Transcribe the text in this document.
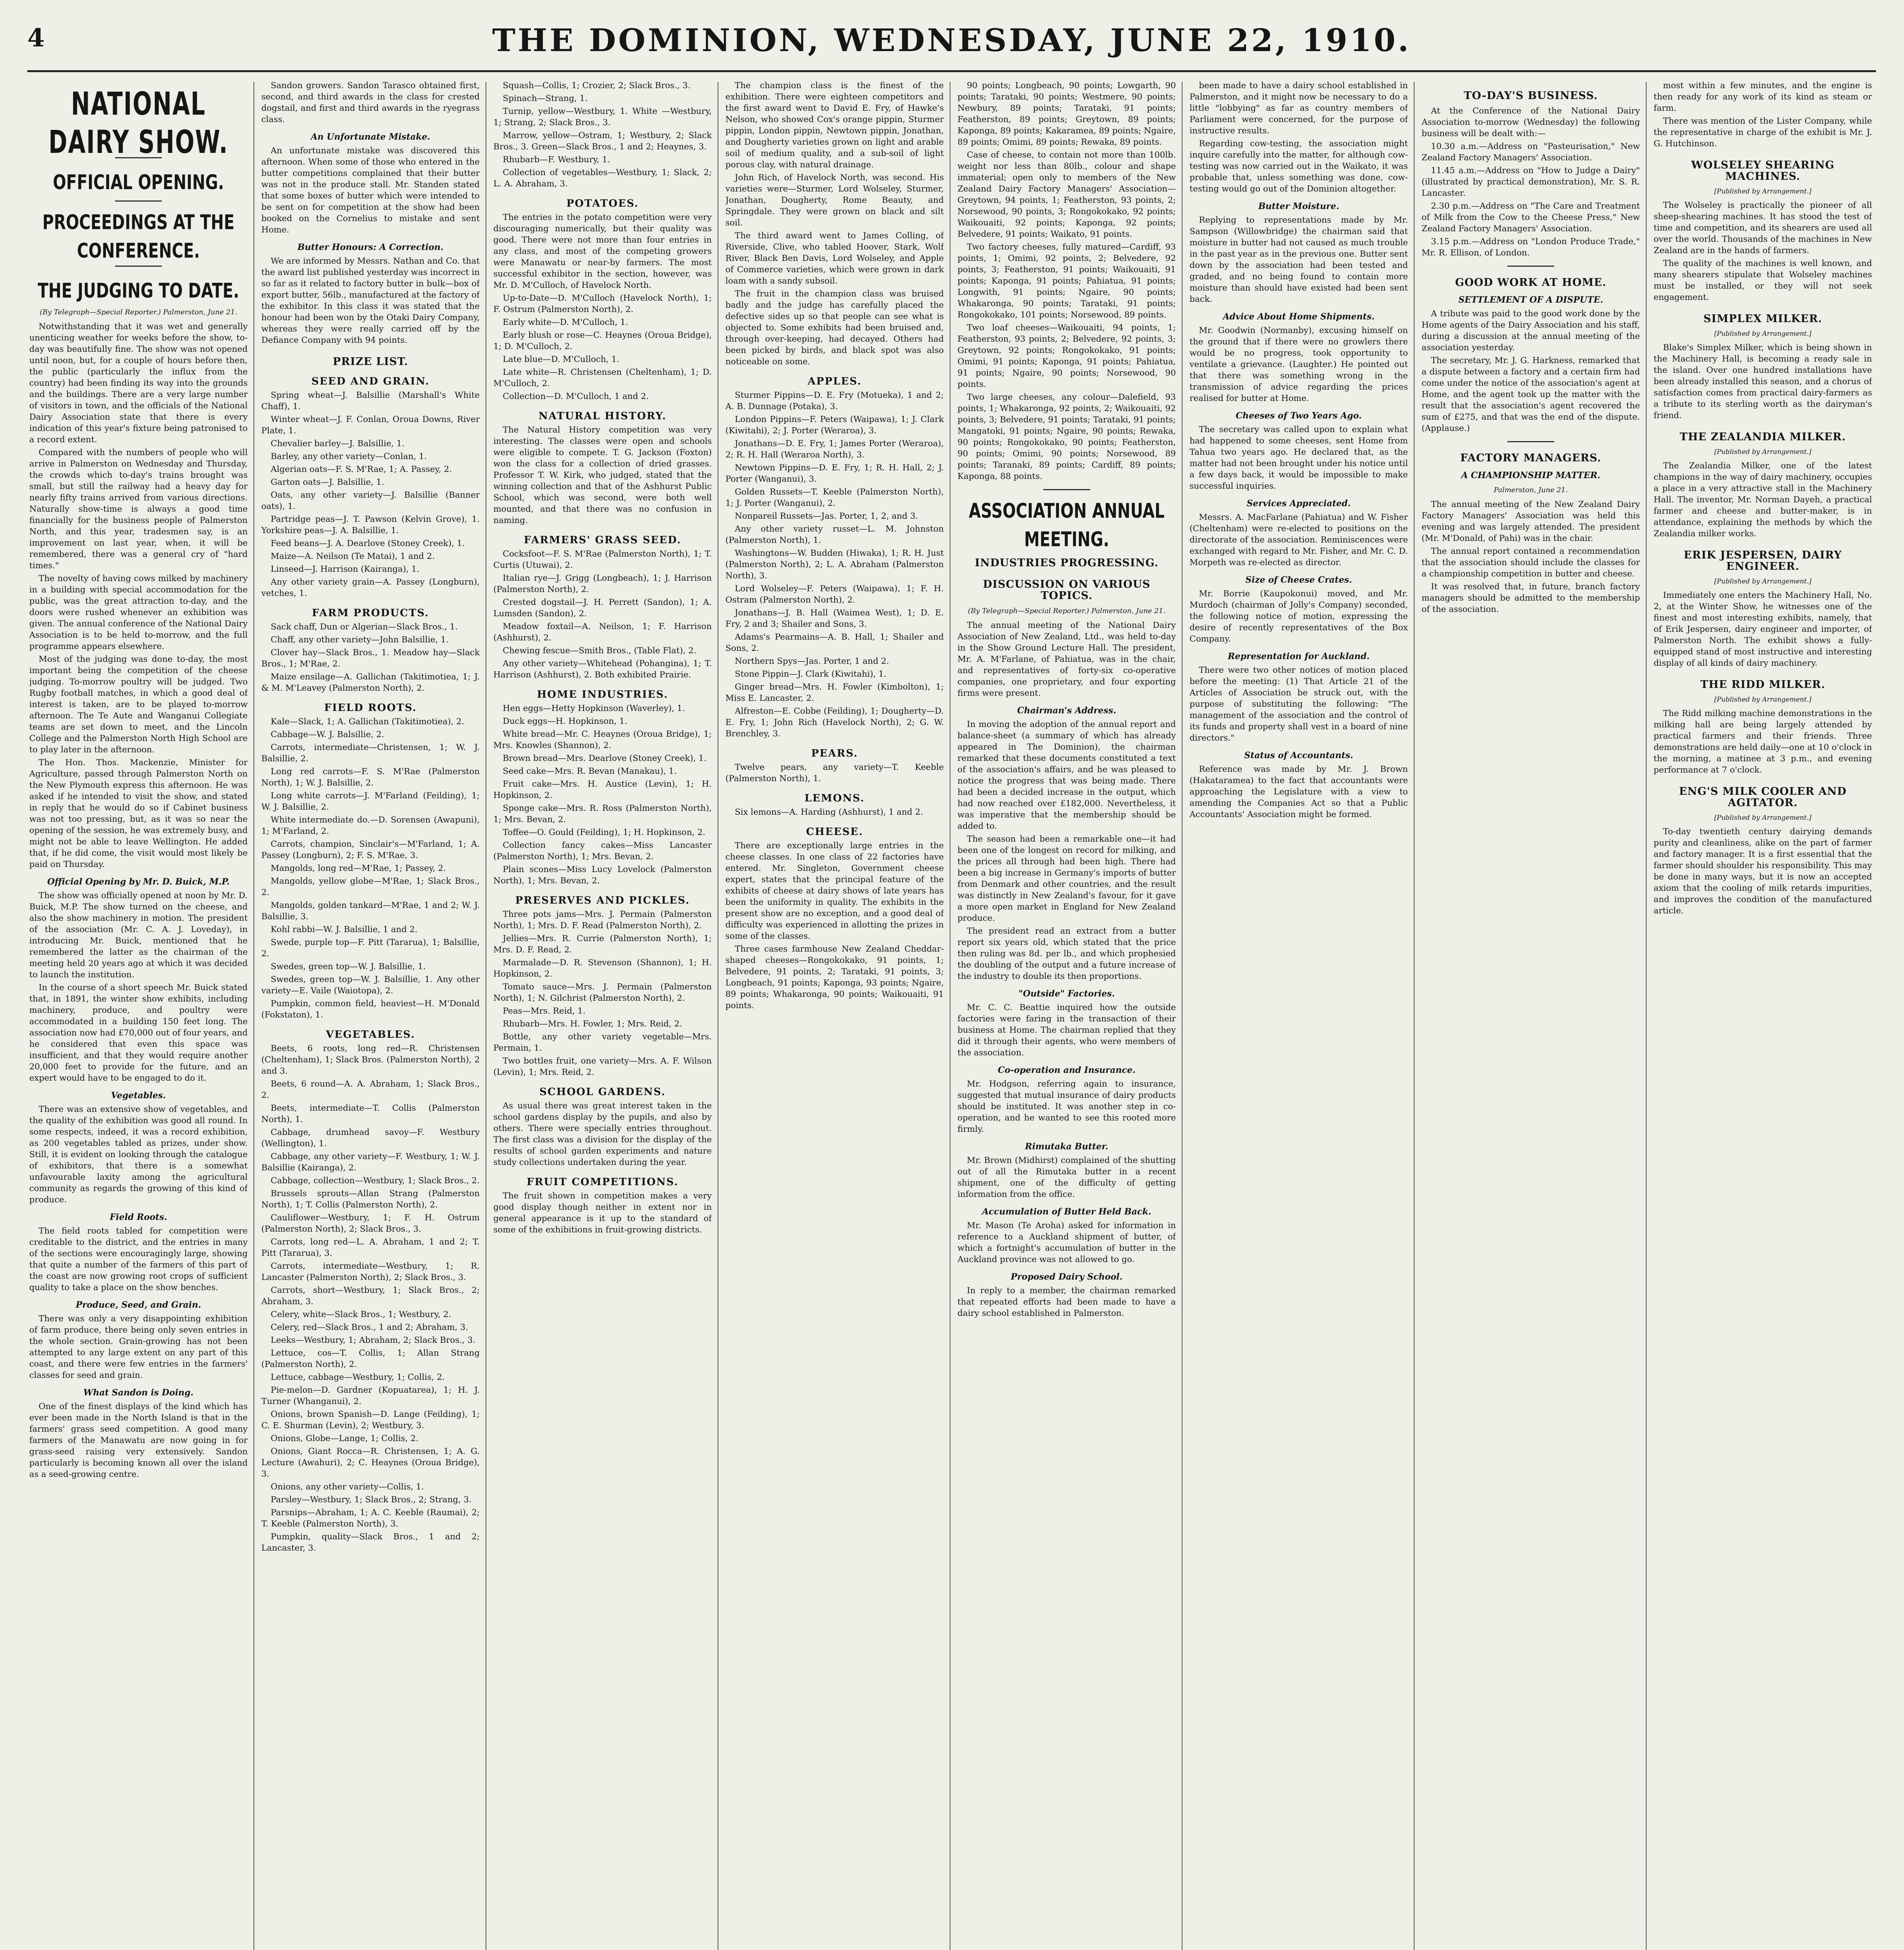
4	THE DOMINION, WEDNESDAY, JUNE 22, 1910.
NATIONAL DAIRY SHOW.
OFFICIAL OPENING.
PROCEEDINGS AT THE CONFERENCE.
THE JUDGING TO DATE.
(By Telegraph—Special Reporter.) Palmerston, June 21.

Notwithstanding that it was wet and generally unenticing weather for weeks before the show, to-day was beautifully fine. The show was not opened until noon, but, for a couple of hours before then, the public (particularly the influx from the country) had been finding its way into the grounds and the buildings. There are a very large number of visitors in town, and the officials of the National Dairy Association state that there is every indication of this year's fixture being patronised to a record extent.

Compared with the numbers of people who will arrive in Palmerston on Wednesday and Thursday, the crowds which to-day's trains brought was small, but still the railway had a heavy day for nearly fifty trains arrived from various directions. Naturally show-time is always a good time financially for the business people of Palmerston North, and this year, tradesmen say, is an improvement on last year, when, it will be remembered, there was a general cry of "hard times."

The novelty of having cows milked by machinery in a building with special accommodation for the public, was the great attraction to-day, and the doors were rushed whenever an exhibition was given. The annual conference of the National Dairy Association is to be held to-morrow, and the full programme appears elsewhere.

Most of the judging was done to-day, the most important being the competition of the cheese judging. To-morrow poultry will be judged. Two Rugby football matches, in which a good deal of interest is taken, are to be played to-morrow afternoon. The Te Aute and Wanganui Collegiate teams are set down to meet, and the Lincoln College and the Palmerston North High School are to play later in the afternoon.

The Hon. Thos. Mackenzie, Minister for Agriculture, passed through Palmerston North on the New Plymouth express this afternoon. He was asked if he intended to visit the show, and stated in reply that he would do so if Cabinet business was not too pressing, but, as it was so near the opening of the session, he was extremely busy, and might not be able to leave Wellington. He added that, if he did come, the visit would most likely be paid on Thursday.

Official Opening by Mr. D. Buick, M.P.

The show was officially opened at noon by Mr. D. Buick, M.P. The show turned on the cheese, and also the show machinery in motion. The president of the association (Mr. C. A. J. Loveday), in introducing Mr. Buick, mentioned that he remembered the latter as the chairman of the meeting held 20 years ago at which it was decided to launch the institution.

In the course of a short speech Mr. Buick stated that, in 1891, the winter show exhibits, including machinery, produce, and poultry were accommodated in a building 150 feet long. The association now had £70,000 out of four years, and he considered that even this space was insufficient, and that they would require another 20,000 feet to provide for the future, and an expert would have to be engaged to do it.

Vegetables.

There was an extensive show of vegetables, and the quality of the exhibition was good all round. In some respects, indeed, it was a record exhibition, as 200 vegetables tabled as prizes, under show. Still, it is evident on looking through the catalogue of exhibitors, that there is a somewhat unfavourable laxity among the agricultural community as regards the growing of this kind of produce.

Field Roots.

The field roots tabled for competition were creditable to the district, and the entries in many of the sections were encouragingly large, showing that quite a number of the farmers of this part of the coast are now growing root crops of sufficient quality to take a place on the show benches.

Produce, Seed, and Grain.

There was only a very disappointing exhibition of farm produce, there being only seven entries in the whole section. Grain-growing has not been attempted to any large extent on any part of this coast, and there were few entries in the farmers' classes for seed and grain.

What Sandon is Doing.

One of the finest displays of the kind which has ever been made in the North Island is that in the farmers' grass seed competition. A good many farmers of the Manawatu are now going in for grass-seed raising very extensively. Sandon particularly is becoming known all over the island as a seed-growing centre.

Sandon growers. Sandon Tarasco obtained first, second, and third awards in the class for crested dogstail, and first and third awards in the ryegrass class.

An Unfortunate Mistake.

An unfortunate mistake was discovered this afternoon. When some of those who entered in the butter competitions complained that their butter was not in the produce stall. Mr. Standen stated that some boxes of butter which were intended to be sent on for competition at the show had been booked on the Cornelius to mistake and sent Home.

Butter Honours: A Correction.

We are informed by Messrs. Nathan and Co. that the award list published yesterday was incorrect in so far as it related to factory butter in bulk—box of export butter, 56lb., manufactured at the factory of the exhibitor. In this class it was stated that the honour had been won by the Otaki Dairy Company, whereas they were really carried off by the Defiance Company with 94 points.

PRIZE LIST.
SEED AND GRAIN.

Spring wheat—J. Balsillie (Marshall's White Chaff), 1.

Winter wheat—J. F. Conlan, Oroua Downs, River Plate, 1.

Chevalier barley—J. Balsillie, 1.

Barley, any other variety—Conlan, 1.

Algerian oats—F. S. M'Rae, 1; A. Passey, 2.

Garton oats—J. Balsillie, 1.

Oats, any other variety—J. Balsillie (Banner oats), 1.

Partridge peas—J. T. Pawson (Kelvin Grove), 1. Yorkshire peas—J. A. Balsillie, 1.

Feed beans—J. A. Dearlove (Stoney Creek), 1.

Maize—A. Neilson (Te Matai), 1 and 2.

Linseed—J. Harrison (Kairanga), 1.

Any other variety grain—A. Passey (Longburn), vetches, 1.

FARM PRODUCTS.

Sack chaff, Dun or Algerian—Slack Bros., 1.

Chaff, any other variety—John Balsillie, 1.

Clover hay—Slack Bros., 1. Meadow hay—Slack Bros., 1; M'Rae, 2.

Maize ensilage—A. Gallichan (Takitimotiea, 1; J. & M. M'Leavey (Palmerston North), 2.

FIELD ROOTS.

Kale—Slack, 1; A. Gallichan (Takitimotiea), 2.

Cabbage—W. J. Balsillie, 2.

Carrots, intermediate—Christensen, 1; W. J. Balsillie, 2.

Long red carrots—F. S. M'Rae (Palmerston North), 1; W. J. Balsillie, 2.

Long white carrots—J. M'Farland (Feilding), 1; W. J. Balsillie, 2.

White intermediate do.—D. Sorensen (Awapuni), 1; M'Farland, 2.

Carrots, champion, Sinclair's—M'Farland, 1; A. Passey (Longburn), 2; F. S. M'Rae, 3.

Mangolds, long red—M'Rae, 1; Passey, 2.

Mangolds, yellow globe—M'Rae, 1; Slack Bros., 2.

Mangolds, golden tankard—M'Rae, 1 and 2; W. J. Balsillie, 3.

Kohl rabbi—W. J. Balsillie, 1 and 2.

Swede, purple top—F. Pitt (Tararua), 1; Balsillie, 2.

Swedes, green top—W. J. Balsillie, 1.

Swedes, green top—W. J. Balsillie, 1. Any other variety—E. Vaile (Waiotopa), 2.

Pumpkin, common field, heaviest—H. M'Donald (Fokstaton), 1.

VEGETABLES.

Beets, 6 roots, long red—R. Christensen (Cheltenham), 1; Slack Bros. (Palmerston North), 2 and 3.

Beets, 6 round—A. A. Abraham, 1; Slack Bros., 2.

Beets, intermediate—T. Collis (Palmerston North), 1.

Cabbage, drumhead savoy—F. Westbury (Wellington), 1.

Cabbage, any other variety—F. Westbury, 1; W. J. Balsillie (Kairanga), 2.

Cabbage, collection—Westbury, 1; Slack Bros., 2.

Brussels sprouts—Allan Strang (Palmerston North), 1; T. Collis (Palmerston North), 2.

Cauliflower—Westbury, 1; F. H. Ostrum (Palmerston North), 2; Slack Bros., 3.

Carrots, long red—L. A. Abraham, 1 and 2; T. Pitt (Tararua), 3.

Carrots, intermediate—Westbury, 1; R. Lancaster (Palmerston North), 2; Slack Bros., 3.

Carrots, short—Westbury, 1; Slack Bros., 2; Abraham, 3.

Celery, white—Slack Bros., 1; Westbury, 2.

Celery, red—Slack Bros., 1 and 2; Abraham, 3.

Leeks—Westbury, 1; Abraham, 2; Slack Bros., 3.

Lettuce, cos—T. Collis, 1; Allan Strang (Palmerston North), 2.

Lettuce, cabbage—Westbury, 1; Collis, 2.

Pie-melon—D. Gardner (Kopuatarea), 1; H. J. Turner (Whanganui), 2.

Onions, brown Spanish—D. Lange (Feilding), 1; C. E. Shurman (Levin), 2; Westbury, 3.

Onions, Globe—Lange, 1; Collis, 2.

Onions, Giant Rocca—R. Christensen, 1; A. G. Lecture (Awahuri), 2; C. Heaynes (Oroua Bridge), 3.

Onions, any other variety—Collis, 1.

Parsley—Westbury, 1; Slack Bros., 2; Strang, 3.

Parsnips—Abraham, 1; A. C. Keeble (Raumai), 2; T. Keeble (Palmerston North), 3.

Pumpkin, quality—Slack Bros., 1 and 2; Lancaster, 3.

Squash—Collis, 1; Crozier, 2; Slack Bros., 3.

Spinach—Strang, 1.

Turnip, yellow—Westbury, 1. White —Westbury, 1; Strang, 2; Slack Bros., 3.

Marrow, yellow—Ostram, 1; Westbury, 2; Slack Bros., 3. Green—Slack Bros., 1 and 2; Heaynes, 3.

Rhubarb—F. Westbury, 1.

Collection of vegetables—Westbury, 1; Slack, 2; L. A. Abraham, 3.

POTATOES.

The entries in the potato competition were very discouraging numerically, but their quality was good. There were not more than four entries in any class, and most of the competing growers were Manawatu or near-by farmers. The most successful exhibitor in the section, however, was Mr. D. M'Culloch, of Havelock North.

Up-to-Date—D. M'Culloch (Havelock North), 1; F. Ostrum (Palmerston North), 2.

Early white—D. M'Culloch, 1.

Early blush or rose—C. Heaynes (Oroua Bridge), 1; D. M'Culloch, 2.

Late blue—D. M'Culloch, 1.

Late white—R. Christensen (Cheltenham), 1; D. M'Culloch, 2.

Collection—D. M'Culloch, 1 and 2.

NATURAL HISTORY.

The Natural History competition was very interesting. The classes were open and schools were eligible to compete. T. G. Jackson (Foxton) won the class for a collection of dried grasses. Professor T. W. Kirk, who judged, stated that the winning collection and that of the Ashhurst Public School, which was second, were both well mounted, and that there was no confusion in naming.

FARMERS' GRASS SEED.

Cocksfoot—F. S. M'Rae (Palmerston North), 1; T. Curtis (Utuwai), 2.

Italian rye—J. Grigg (Longbeach), 1; J. Harrison (Palmerston North), 2.

Crested dogstail—J. H. Perrett (Sandon), 1; A. Lumsden (Sandon), 2.

Meadow foxtail—A. Neilson, 1; F. Harrison (Ashhurst), 2.

Chewing fescue—Smith Bros., (Table Flat), 2.

Any other variety—Whitehead (Pohangina), 1; T. Harrison (Ashhurst), 2. Both exhibited Prairie.

HOME INDUSTRIES.

Hen eggs—Hetty Hopkinson (Waverley), 1.

Duck eggs—H. Hopkinson, 1.

White bread—Mr. C. Heaynes (Oroua Bridge), 1; Mrs. Knowles (Shannon), 2.

Brown bread—Mrs. Dearlove (Stoney Creek), 1.

Seed cake—Mrs. R. Bevan (Manakau), 1.

Fruit cake—Mrs. H. Austice (Levin), 1; H. Hopkinson, 2.

Sponge cake—Mrs. R. Ross (Palmerston North), 1; Mrs. Bevan, 2.

Toffee—O. Gould (Feilding), 1; H. Hopkinson, 2.

Collection fancy cakes—Miss Lancaster (Palmerston North), 1; Mrs. Bevan, 2.

Plain scones—Miss Lucy Lovelock (Palmerston North), 1; Mrs. Bevan, 2.

PRESERVES AND PICKLES.

Three pots jams—Mrs. J. Permain (Palmerston North), 1; Mrs. D. F. Read (Palmerston North), 2.

Jellies—Mrs. R. Currie (Palmerston North), 1; Mrs. D. F. Read, 2.

Marmalade—D. R. Stevenson (Shannon), 1; H. Hopkinson, 2.

Tomato sauce—Mrs. J. Permain (Palmerston North), 1; N. Gilchrist (Palmerston North), 2.

Peas—Mrs. Reid, 1.

Rhubarb—Mrs. H. Fowler, 1; Mrs. Reid, 2.

Bottle, any other variety vegetable—Mrs. Permain, 1.

Two bottles fruit, one variety—Mrs. A. F. Wilson (Levin), 1; Mrs. Reid, 2.

SCHOOL GARDENS.

As usual there was great interest taken in the school gardens display by the pupils, and also by others. There were specially entries throughout. The first class was a division for the display of the results of school garden experiments and nature study collections undertaken during the year.

FRUIT COMPETITIONS.

The fruit shown in competition makes a very good display though neither in extent nor in general appearance is it up to the standard of some of the exhibitions in fruit-growing districts.

The champion class is the finest of the exhibition. There were eighteen competitors and the first award went to David E. Fry, of Hawke's Nelson, who showed Cox's orange pippin, Sturmer pippin, London pippin, Newtown pippin, Jonathan, and Dougherty varieties grown on light and arable soil of medium quality, and a sub-soil of light porous clay, with natural drainage.

John Rich, of Havelock North, was second. His varieties were—Sturmer, Lord Wolseley, Sturmer, Jonathan, Dougherty, Rome Beauty, and Springdale. They were grown on black and silt soil.

The third award went to James Colling, of Riverside, Clive, who tabled Hoover, Stark, Wolf River, Black Ben Davis, Lord Wolseley, and Apple of Commerce varieties, which were grown in dark loam with a sandy subsoil.

The fruit in the champion class was bruised badly and the judge has carefully placed the defective sides up so that people can see what is objected to. Some exhibits had been bruised and, through over-keeping, had decayed. Others had been picked by birds, and black spot was also noticeable on some.

APPLES.

Sturmer Pippins—D. E. Fry (Motueka), 1 and 2; A. B. Dunnage (Potaka), 3.

London Pippins—F. Peters (Waipawa), 1; J. Clark (Kiwitahi), 2; J. Porter (Weraroa), 3.

Jonathans—D. E. Fry, 1; James Porter (Weraroa), 2; R. H. Hall (Weraroa North), 3.

Newtown Pippins—D. E. Fry, 1; R. H. Hall, 2; J. Porter (Wanganui), 3.

Golden Russets—T. Keeble (Palmerston North), 1; J. Porter (Wanganui), 2.

Nonpareil Russets—Jas. Porter, 1, 2, and 3.

Any other variety russet—L. M. Johnston (Palmerston North), 1.

Washingtons—W. Budden (Hiwaka), 1; R. H. Just (Palmerston North), 2; L. A. Abraham (Palmerston North), 3.

Lord Wolseley—F. Peters (Waipawa), 1; F. H. Ostram (Palmerston North), 2.

Jonathans—J. B. Hall (Waimea West), 1; D. E. Fry, 2 and 3; Shailer and Sons, 3.

Adams's Pearmains—A. B. Hall, 1; Shailer and Sons, 2.

Northern Spys—Jas. Porter, 1 and 2.

Stone Pippin—J. Clark (Kiwitahi), 1.

Ginger bread—Mrs. H. Fowler (Kimbolton), 1; Miss E. Lancaster, 2.

Alfreston—E. Cobbe (Feilding), 1; Dougherty—D. E. Fry, 1; John Rich (Havelock North), 2; G. W. Brenchley, 3.

PEARS.

Twelve pears, any variety—T. Keeble (Palmerston North), 1.

LEMONS.

Six lemons—A. Harding (Ashhurst), 1 and 2.

CHEESE.

There are exceptionally large entries in the cheese classes. In one class of 22 factories have entered. Mr. Singleton, Government cheese expert, states that the principal feature of the exhibits of cheese at dairy shows of late years has been the uniformity in quality. The exhibits in the present show are no exception, and a good deal of difficulty was experienced in allotting the prizes in some of the classes.

Three cases farmhouse New Zealand Cheddar-shaped cheeses—Rongokokako, 91 points, 1; Belvedere, 91 points, 2; Tarataki, 91 points, 3; Longbeach, 91 points; Kaponga, 93 points; Ngaire, 89 points; Whakaronga, 90 points; Waikouaiti, 91 points.

90 points; Longbeach, 90 points; Lowgarth, 90 points; Tarataki, 90 points; Westmere, 90 points; Newbury, 89 points; Tarataki, 91 points; Featherston, 89 points; Greytown, 89 points; Kaponga, 89 points; Kakaramea, 89 points; Ngaire, 89 points; Omimi, 89 points; Rewaka, 89 points.

Case of cheese, to contain not more than 100lb. weight nor less than 80lb., colour and shape immaterial; open only to members of the New Zealand Dairy Factory Managers' Association—Greytown, 94 points, 1; Featherston, 93 points, 2; Norsewood, 90 points, 3; Rongokokako, 92 points; Waikouaiti, 92 points; Kaponga, 92 points; Belvedere, 91 points; Waikato, 91 points.

Two factory cheeses, fully matured—Cardiff, 93 points, 1; Omimi, 92 points, 2; Belvedere, 92 points, 3; Featherston, 91 points; Waikouaiti, 91 points; Kaponga, 91 points; Pahiatua, 91 points; Longwith, 91 points; Ngaire, 90 points; Whakaronga, 90 points; Tarataki, 91 points; Rongokokako, 101 points; Norsewood, 89 points.

Two loaf cheeses—Waikouaiti, 94 points, 1; Featherston, 93 points, 2; Belvedere, 92 points, 3; Greytown, 92 points; Rongokokako, 91 points; Omimi, 91 points; Kaponga, 91 points; Pahiatua, 91 points; Ngaire, 90 points; Norsewood, 90 points.

Two large cheeses, any colour—Dalefield, 93 points, 1; Whakaronga, 92 points, 2; Waikouaiti, 92 points, 3; Belvedere, 91 points; Tarataki, 91 points; Mangatoki, 91 points; Ngaire, 90 points; Rewaka, 90 points; Rongokokako, 90 points; Featherston, 90 points; Omimi, 90 points; Norsewood, 89 points; Taranaki, 89 points; Cardiff, 89 points; Kaponga, 88 points.

ASSOCIATION ANNUAL MEETING.
INDUSTRIES PROGRESSING.
DISCUSSION ON VARIOUS TOPICS.
(By Telegraph—Special Reporter.) Palmerston, June 21.

The annual meeting of the National Dairy Association of New Zealand, Ltd., was held to-day in the Show Ground Lecture Hall. The president, Mr. A. M'Farlane, of Pahiatua, was in the chair, and representatives of forty-six co-operative companies, one proprietary, and four exporting firms were present.

Chairman's Address.

In moving the adoption of the annual report and balance-sheet (a summary of which has already appeared in The Dominion), the chairman remarked that these documents constituted a text of the association's affairs, and he was pleased to notice the progress that was being made. There had been a decided increase in the output, which had now reached over £182,000. Nevertheless, it was imperative that the membership should be added to.

The season had been a remarkable one—it had been one of the longest on record for milking, and the prices all through had been high. There had been a big increase in Germany's imports of butter from Denmark and other countries, and the result was distinctly in New Zealand's favour, for it gave a more open market in England for New Zealand produce.

The president read an extract from a butter report six years old, which stated that the price then ruling was 8d. per lb., and which prophesied the doubling of the output and a future increase of the industry to double its then proportions.

"Outside" Factories.

Mr. C. C. Beattie inquired how the outside factories were faring in the transaction of their business at Home. The chairman replied that they did it through their agents, who were members of the association.

Co-operation and Insurance.

Mr. Hodgson, referring again to insurance, suggested that mutual insurance of dairy products should be instituted. It was another step in co-operation, and he wanted to see this rooted more firmly.

Rimutaka Butter.

Mr. Brown (Midhirst) complained of the shutting out of all the Rimutaka butter in a recent shipment, one of the difficulty of getting information from the office.

Accumulation of Butter Held Back.

Mr. Mason (Te Aroha) asked for information in reference to a Auckland shipment of butter, of which a fortnight's accumulation of butter in the Auckland province was not allowed to go.

Proposed Dairy School.

In reply to a member, the chairman remarked that repeated efforts had been made to have a dairy school established in Palmerston.

been made to have a dairy school established in Palmerston, and it might now be necessary to do a little "lobbying" as far as country members of Parliament were concerned, for the purpose of instructive results.

Regarding cow-testing, the association might inquire carefully into the matter, for although cow-testing was now carried out in the Waikato, it was probable that, unless something was done, cow-testing would go out of the Dominion altogether.

Butter Moisture.

Replying to representations made by Mr. Sampson (Willowbridge) the chairman said that moisture in butter had not caused as much trouble in the past year as in the previous one. Butter sent down by the association had been tested and graded, and no being found to contain more moisture than should have existed had been sent back.

Advice About Home Shipments.

Mr. Goodwin (Normanby), excusing himself on the ground that if there were no growlers there would be no progress, took opportunity to ventilate a grievance. (Laughter.) He pointed out that there was something wrong in the transmission of advice regarding the prices realised for butter at Home.

Cheeses of Two Years Ago.

The secretary was called upon to explain what had happened to some cheeses, sent Home from Tahua two years ago. He declared that, as the matter had not been brought under his notice until a few days back, it would be impossible to make successful inquiries.

Services Appreciated.

Messrs. A. MacFarlane (Pahiatua) and W. Fisher (Cheltenham) were re-elected to positions on the directorate of the association. Reminiscences were exchanged with regard to Mr. Fisher, and Mr. C. D. Morpeth was re-elected as director.

Size of Cheese Crates.

Mr. Borrie (Kaupokonui) moved, and Mr. Murdoch (chairman of Jolly's Company) seconded, the following notice of motion, expressing the desire of recently representatives of the Box Company.

Representation for Auckland.

There were two other notices of motion placed before the meeting: (1) That Article 21 of the Articles of Association be struck out, with the purpose of substituting the following: "The management of the association and the control of its funds and property shall vest in a board of nine directors."

Status of Accountants.

Reference was made by Mr. J. Brown (Hakataramea) to the fact that accountants were approaching the Legislature with a view to amending the Companies Act so that a Public Accountants' Association might be formed.

TO-DAY'S BUSINESS.

At the Conference of the National Dairy Association to-morrow (Wednesday) the following business will be dealt with:—

10.30 a.m.—Address on "Pasteurisation," New Zealand Factory Managers' Association.

11.45 a.m.—Address on "How to Judge a Dairy" (illustrated by practical demonstration), Mr. S. R. Lancaster.

2.30 p.m.—Address on "The Care and Treatment of Milk from the Cow to the Cheese Press," New Zealand Factory Managers' Association.

3.15 p.m.—Address on "London Produce Trade," Mr. R. Ellison, of London.

GOOD WORK AT HOME.
SETTLEMENT OF A DISPUTE.

A tribute was paid to the good work done by the Home agents of the Dairy Association and his staff, during a discussion at the annual meeting of the association yesterday.

The secretary, Mr. J. G. Harkness, remarked that a dispute between a factory and a certain firm had come under the notice of the association's agent at Home, and the agent took up the matter with the result that the association's agent recovered the sum of £275, and that was the end of the dispute. (Applause.)

FACTORY MANAGERS.
A CHAMPIONSHIP MATTER.
Palmerston, June 21.

The annual meeting of the New Zealand Dairy Factory Managers' Association was held this evening and was largely attended. The president (Mr. M'Donald, of Pahi) was in the chair.

The annual report contained a recommendation that the association should include the classes for a championship competition in butter and cheese.

It was resolved that, in future, branch factory managers should be admitted to the membership of the association.

most within a few minutes, and the engine is then ready for any work of its kind as steam or farm.

There was mention of the Lister Company, while the representative in charge of the exhibit is Mr. J. G. Hutchinson.

WOLSELEY SHEARING MACHINES.
[Published by Arrangement.]

The Wolseley is practically the pioneer of all sheep-shearing machines. It has stood the test of time and competition, and its shearers are used all over the world. Thousands of the machines in New Zealand are in the hands of farmers.

The quality of the machines is well known, and many shearers stipulate that Wolseley machines must be installed, or they will not seek engagement.

SIMPLEX MILKER.
[Published by Arrangement.]

Blake's Simplex Milker, which is being shown in the Machinery Hall, is becoming a ready sale in the island. Over one hundred installations have been already installed this season, and a chorus of satisfaction comes from practical dairy-farmers as a tribute to its sterling worth as the dairyman's friend.

THE ZEALANDIA MILKER.
[Published by Arrangement.]

The Zealandia Milker, one of the latest champions in the way of dairy machinery, occupies a place in a very attractive stall in the Machinery Hall. The inventor, Mr. Norman Dayeh, a practical farmer and cheese and butter-maker, is in attendance, explaining the methods by which the Zealandia milker works.

ERIK JESPERSEN, DAIRY ENGINEER.
[Published by Arrangement.]

Immediately one enters the Machinery Hall, No. 2, at the Winter Show, he witnesses one of the finest and most interesting exhibits, namely, that of Erik Jespersen, dairy engineer and importer, of Palmerston North. The exhibit shows a fully-equipped stand of most instructive and interesting display of all kinds of dairy machinery.

THE RIDD MILKER.
[Published by Arrangement.]

The Ridd milking machine demonstrations in the milking hall are being largely attended by practical farmers and their friends. Three demonstrations are held daily—one at 10 o'clock in the morning, a matinee at 3 p.m., and evening performance at 7 o'clock.

ENG'S MILK COOLER AND AGITATOR.
[Published by Arrangement.]

To-day twentieth century dairying demands purity and cleanliness, alike on the part of farmer and factory manager. It is a first essential that the farmer should shoulder his responsibility. This may be done in many ways, but it is now an accepted axiom that the cooling of milk retards impurities, and improves the condition of the manufactured article.
